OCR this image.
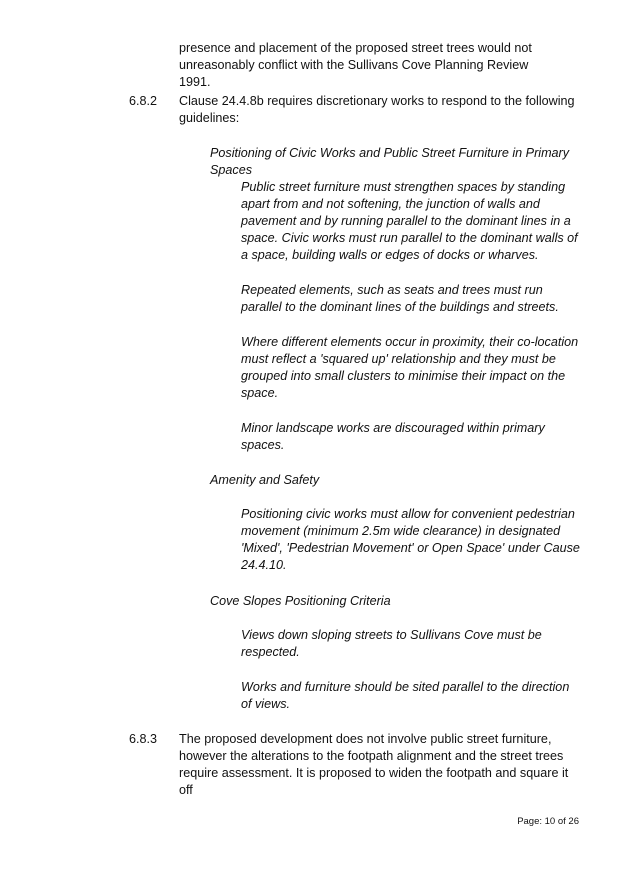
presence and placement of the proposed street trees would not unreasonably conflict with the Sullivans Cove Planning Review 1991.

6.8.2 Clause 24.4.8b requires discretionary works to respond to the following guidelines:

Positioning of Civic Works and Public Street Furniture in Primary Spaces

Public street furniture must strengthen spaces by standing apart from and not softening, the junction of walls and pavement and by running parallel to the dominant lines in a space. Civic works must run parallel to the dominant walls of a space, building walls or edges of docks or wharves.

Repeated elements, such as seats and trees must run parallel to the dominant lines of the buildings and streets.

Where different elements occur in proximity, their co-location must reflect a 'squared up' relationship and they must be grouped into small clusters to minimise their impact on the space.

Minor landscape works are discouraged within primary spaces.

Amenity and Safety

Positioning civic works must allow for convenient pedestrian movement (minimum 2.5m wide clearance) in designated 'Mixed', 'Pedestrian Movement' or Open Space' under Cause 24.4.10.

Cove Slopes Positioning Criteria

Views down sloping streets to Sullivans Cove must be respected.

Works and furniture should be sited parallel to the direction of views.

6.8.3 The proposed development does not involve public street furniture, however the alterations to the footpath alignment and the street trees require assessment. It is proposed to widen the footpath and square it off

Page: 10 of 26
